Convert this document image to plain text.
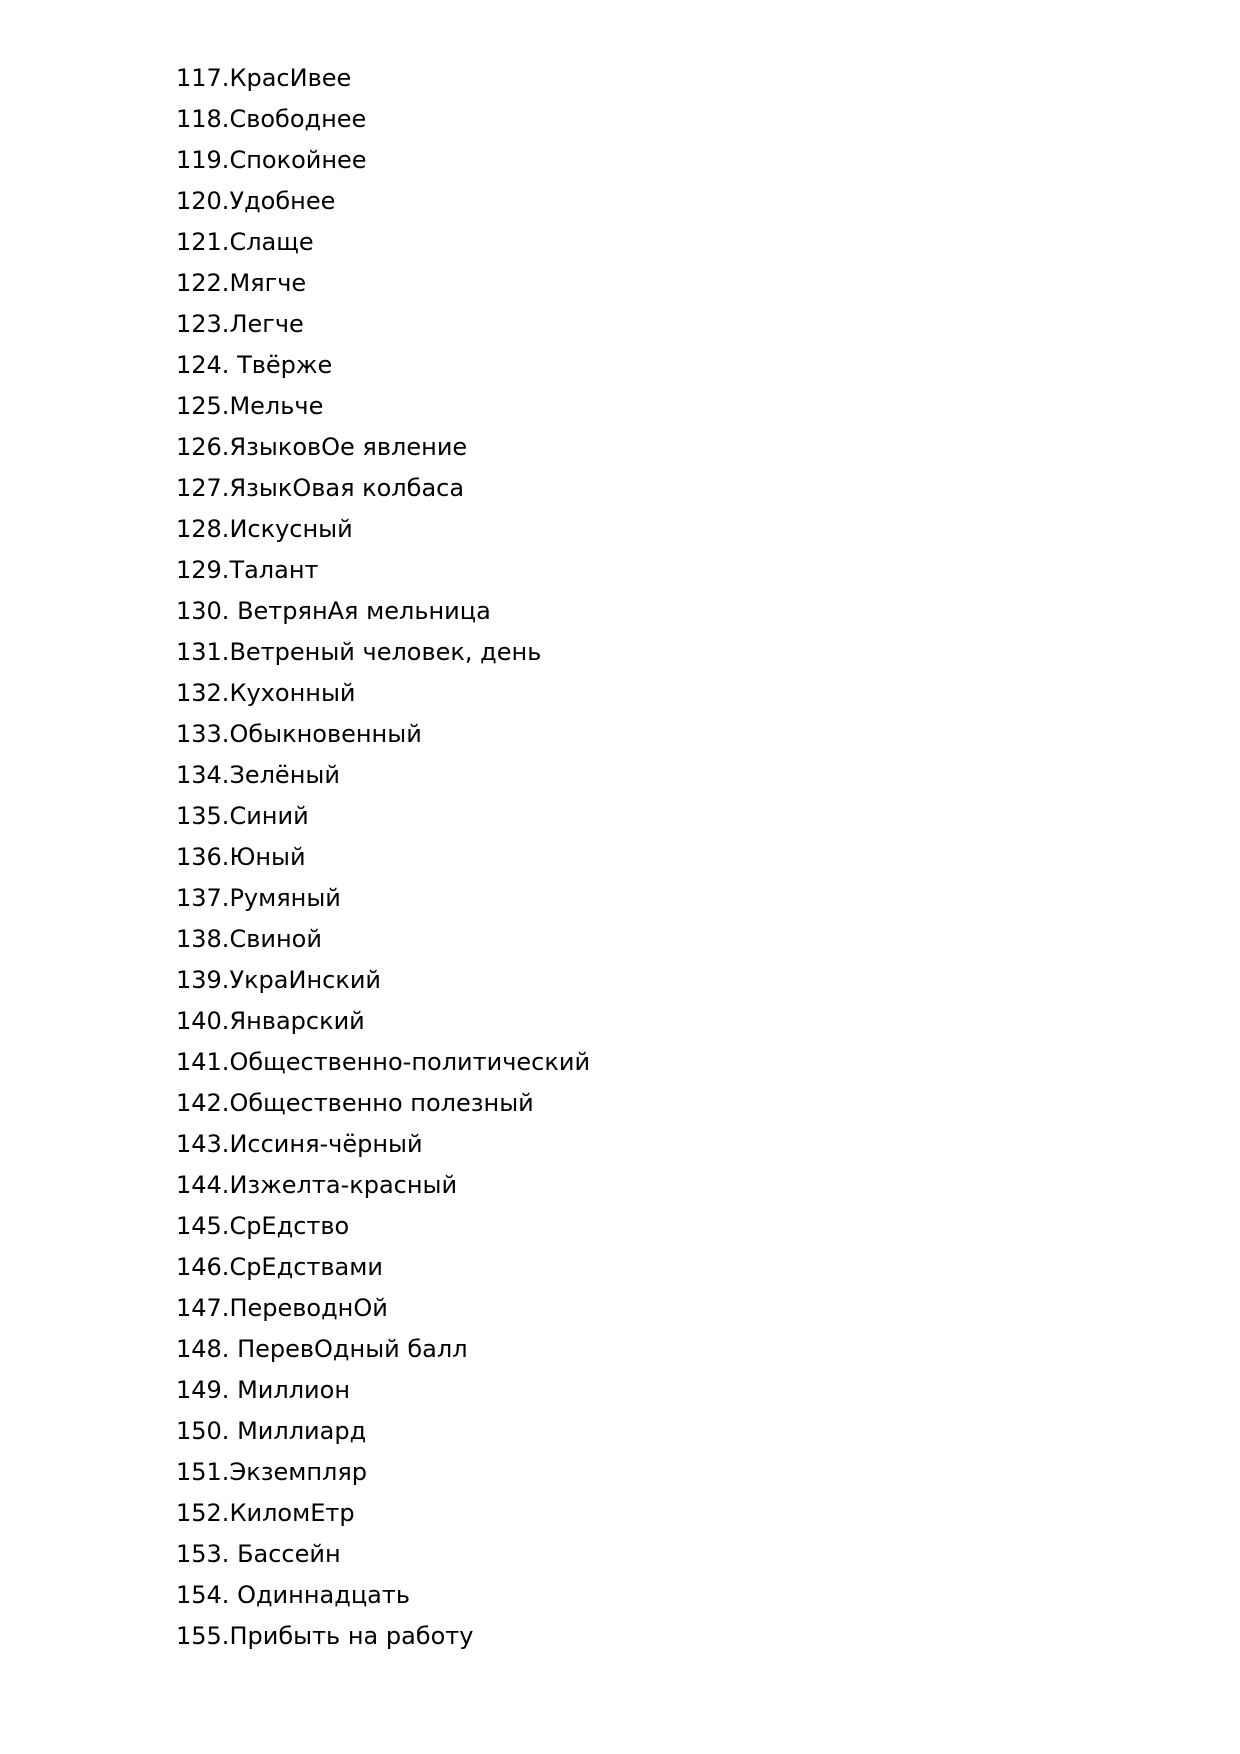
117.КрасИвее
118.Свободнее
119.Спокойнее
120.Удобнее
121.Слаще
122.Мягче
123.Легче
124. Твёрже
125.Мельче
126.ЯзыковОе явление
127.ЯзыкОвая колбаса
128.Искусный
129.Талант
130. ВетрянАя мельница
131.Ветреный человек, день
132.Кухонный
133.Обыкновенный
134.Зелёный
135.Синий
136.Юный
137.Румяный
138.Свиной
139.УкраИнский
140.Январский
141.Общественно-политический
142.Общественно полезный
143.Иссиня-чёрный
144.Изжелта-красный
145.СрЕдство
146.СрЕдствами
147.ПереводнОй
148. ПеревОдный балл
149. Миллион
150. Миллиард
151.Экземпляр
152.КиломЕтр
153. Бассейн
154. Одиннадцать
155.Прибыть на работу
